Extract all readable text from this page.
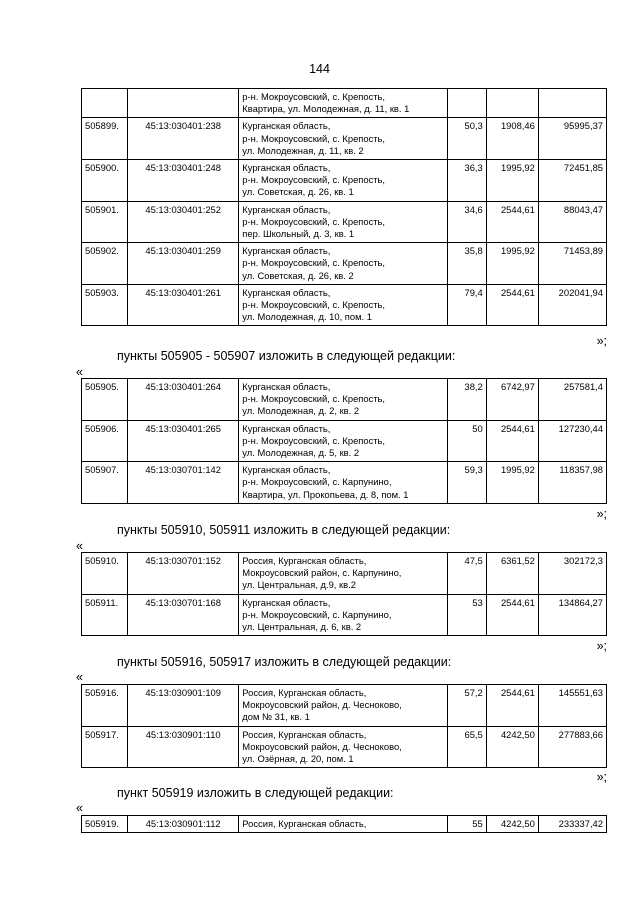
144

		р-н. Мокроусовский, с. Крепость,
Квартира, ул. Молодежная, д. 11, кв. 1			

505899.	45:13:030401:238	Курганская область,
р-н. Мокроусовский, с. Крепость,
ул. Молодежная, д. 11, кв. 2	50,3	1908,46	95995,37
505900.	45:13:030401:248	Курганская область,
р-н. Мокроусовский, с. Крепость,
ул. Советская, д. 26, кв. 1	36,3	1995,92	72451,85
505901.	45:13:030401:252	Курганская область,
р-н. Мокроусовский, с. Крепость,
пер. Школьный, д. 3, кв. 1	34,6	2544,61	88043,47
505902.	45:13:030401:259	Курганская область,
р-н. Мокроусовский, с. Крепость,
ул. Советская, д. 26, кв. 2	35,8	1995,92	71453,89
505903.	45:13:030401:261	Курганская область,
р-н. Мокроусовский, с. Крепость,
ул. Молодежная, д. 10, пом. 1	79,4	2544,61	202041,94
»;
пункты 505905 - 505907 изложить в следующей редакции:
«
505905.	45:13:030401:264	Курганская область,
р-н. Мокроусовский, с. Крепость,
ул. Молодежная, д. 2, кв. 2	38,2	6742,97	257581,4
505906.	45:13:030401:265	Курганская область,
р-н. Мокроусовский, с. Крепость,
ул. Молодежная, д. 5, кв. 2	50	2544,61	127230,44
505907.	45:13:030701:142	Курганская область,
р-н. Мокроусовский, с. Карпунино,
Квартира, ул. Прокопьева, д. 8, пом. 1	59,3	1995,92	118357,98
»;
пункты 505910, 505911 изложить в следующей редакции:
«
505910.	45:13:030701:152	Россия, Курганская область,
Мокроусовский район, с. Карпунино,
ул. Центральная, д.9, кв.2	47,5	6361,52	302172,3
505911.	45:13:030701:168	Курганская область,
р-н. Мокроусовский, с. Карпунино,
ул. Центральная, д. 6, кв. 2	53	2544,61	134864,27
»;
пункты 505916, 505917 изложить в следующей редакции:
«
505916.	45:13:030901:109	Россия, Курганская область,
Мокроусовский район, д. Чесноково,
дом № 31, кв. 1	57,2	2544,61	145551,63
505917.	45:13:030901:110	Россия, Курганская область,
Мокроусовский район, д. Чесноково,
ул. Озёрная, д. 20, пом. 1	65,5	4242,50	277883,66
»;
пункт 505919 изложить в следующей редакции:
«
505919.	45:13:030901:112	Россия, Курганская область,	55	4242,50	233337,42
